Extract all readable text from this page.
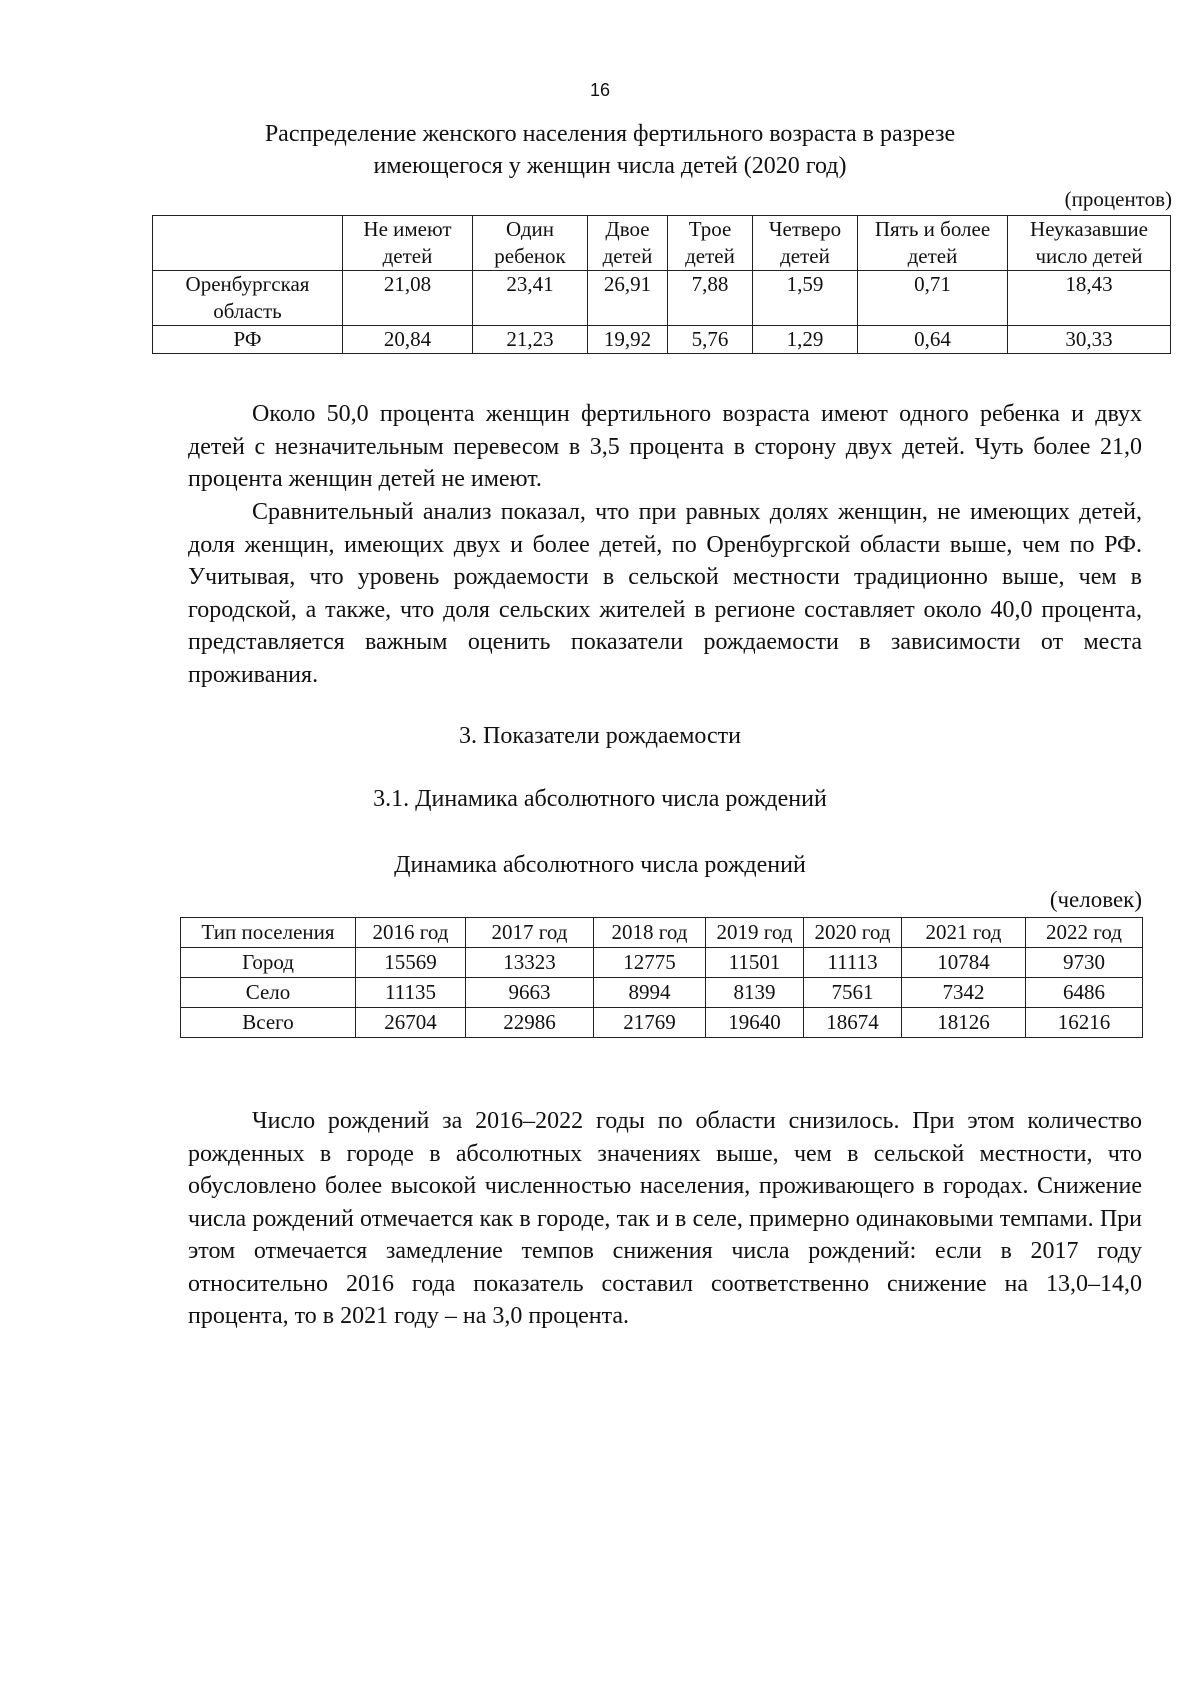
16
Распределение женского населения фертильного возраста в разрезе
имеющегося у женщин числа детей (2020 год)
(процентов)
	Не имеют детей	Один ребенок	Двое детей	Трое детей	Четверо детей	Пять и более детей	Неуказавшие число детей
Оренбургская область	21,08	23,41	26,91	7,88	1,59	0,71	18,43
РФ	20,84	21,23	19,92	5,76	1,29	0,64	30,33

Около 50,0 процента женщин фертильного возраста имеют одного ребенка и двух детей с незначительным перевесом в 3,5 процента в сторону двух детей. Чуть более 21,0 процента женщин детей не имеют.

Сравнительный анализ показал, что при равных долях женщин, не имеющих детей, доля женщин, имеющих двух и более детей, по Оренбургской области выше, чем по РФ. Учитывая, что уровень рождаемости в сельской местности традиционно выше, чем в городской, а также, что доля сельских жителей в регионе составляет около 40,0 процента, представляется важным оценить показатели рождаемости в зависимости от места проживания.

3. Показатели рождаемости
3.1. Динамика абсолютного числа рождений
Динамика абсолютного числа рождений
(человек)
Тип поселения	2016 год	2017 год	2018 год	2019 год	2020 год	2021 год	2022 год
Город	15569	13323	12775	11501	11113	10784	9730
Село	11135	9663	8994	8139	7561	7342	6486
Всего	26704	22986	21769	19640	18674	18126	16216

Число рождений за 2016–2022 годы по области снизилось. При этом количество рожденных в городе в абсолютных значениях выше, чем в сельской местности, что обусловлено более высокой численностью населения, проживающего в городах. Снижение числа рождений отмечается как в городе, так и в селе, примерно одинаковыми темпами. При этом отмечается замедление темпов снижения числа рождений: если в 2017 году относительно 2016 года показатель составил соответственно снижение на 13,0–14,0 процента, то в 2021 году – на 3,0 процента.
